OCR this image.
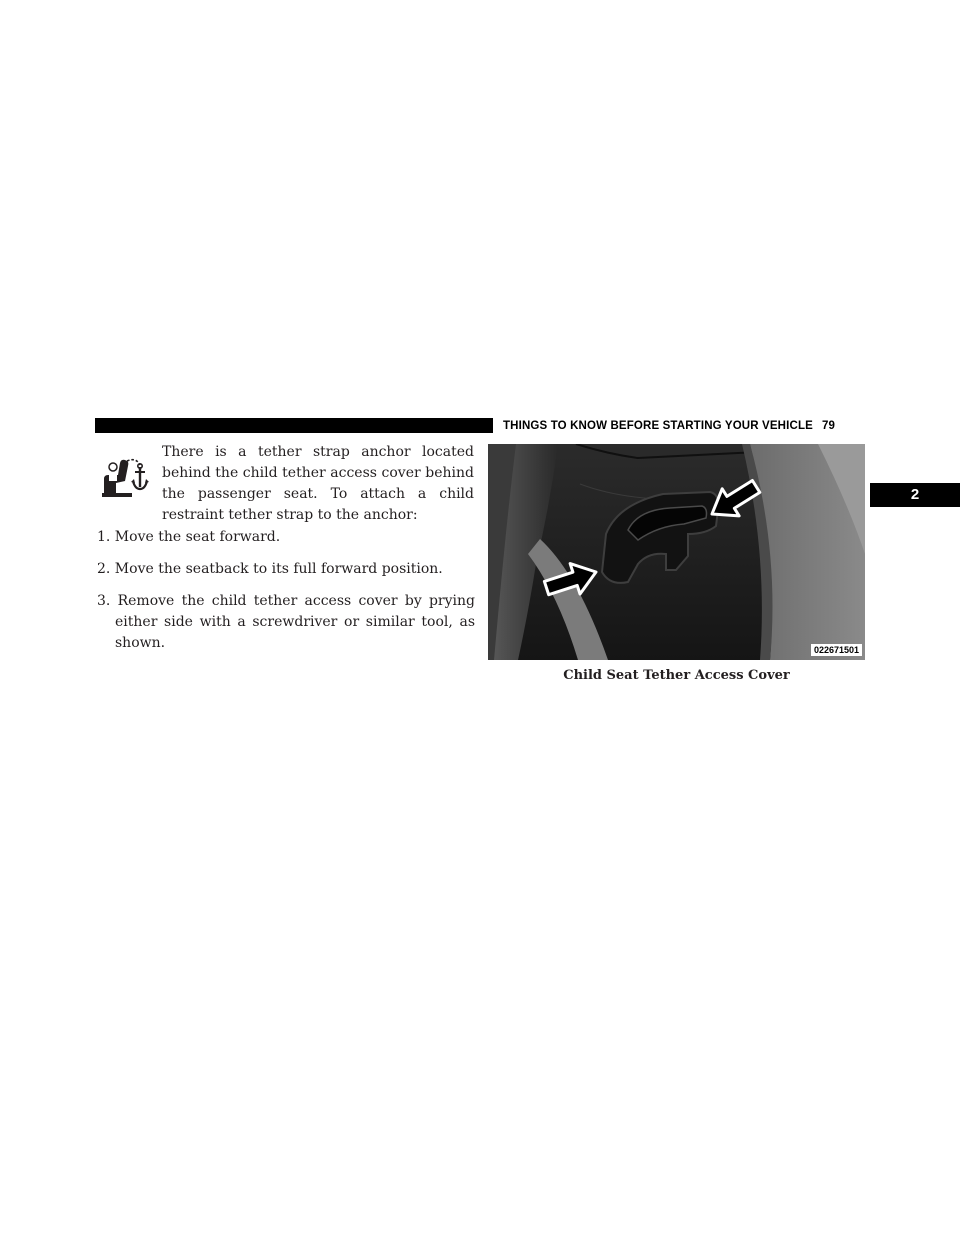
THINGS TO KNOW BEFORE STARTING YOUR VEHICLE 79
2
There is a tether strap anchor located behind the child tether access cover behind the passenger seat. To attach a child restraint tether strap to the anchor:
1. Move the seat forward.
2. Move the seatback to its full forward position.
3. Remove the child tether access cover by prying either side with a screwdriver or similar tool, as shown.	022671501
Child Seat Tether Access Cover
